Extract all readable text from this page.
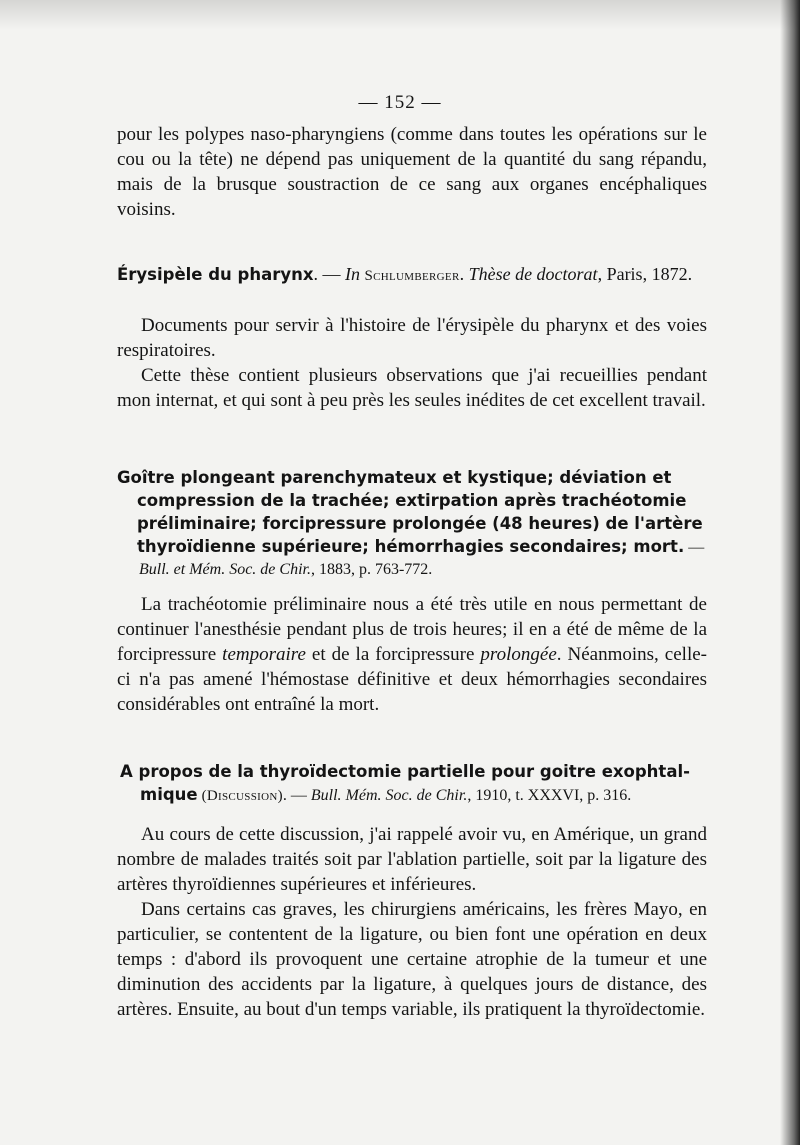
— 152 —

pour les polypes naso-pharyngiens (comme dans toutes les opérations sur le cou ou la tête) ne dépend pas uniquement de la quantité du sang répandu, mais de la brusque soustraction de ce sang aux organes encéphaliques voisins.

Érysipèle du pharynx. — In Schlumberger. Thèse de doctorat, Paris, 1872.

Documents pour servir à l'histoire de l'érysipèle du pharynx et des voies respiratoires.

Cette thèse contient plusieurs observations que j'ai recueillies pendant mon internat, et qui sont à peu près les seules inédites de cet excellent travail.

Goître plongeant parenchymateux et kystique; déviation et
compression de la trachée; extirpation après trachéotomie
préliminaire; forcipressure prolongée (48 heures) de l'artère
thyroïdienne supérieure; hémorrhagies secondaires; mort. —
Bull. et Mém. Soc. de Chir., 1883, p. 763-772.

La trachéotomie préliminaire nous a été très utile en nous permettant de continuer l'anesthésie pendant plus de trois heures; il en a été de même de la forcipressure temporaire et de la forcipressure prolongée. Néanmoins, celle-ci n'a pas amené l'hémostase définitive et deux hémorrhagies secondaires considérables ont entraîné la mort.

A propos de la thyroïdectomie partielle pour goitre exophtal-
mique (Discussion). — Bull. Mém. Soc. de Chir., 1910, t. XXXVI, p. 316.

Au cours de cette discussion, j'ai rappelé avoir vu, en Amérique, un grand nombre de malades traités soit par l'ablation partielle, soit par la ligature des artères thyroïdiennes supérieures et inférieures.

Dans certains cas graves, les chirurgiens américains, les frères Mayo, en particulier, se contentent de la ligature, ou bien font une opération en deux temps : d'abord ils provoquent une certaine atrophie de la tumeur et une diminution des accidents par la ligature, à quelques jours de distance, des artères. Ensuite, au bout d'un temps variable, ils pratiquent la thyroïdectomie.
